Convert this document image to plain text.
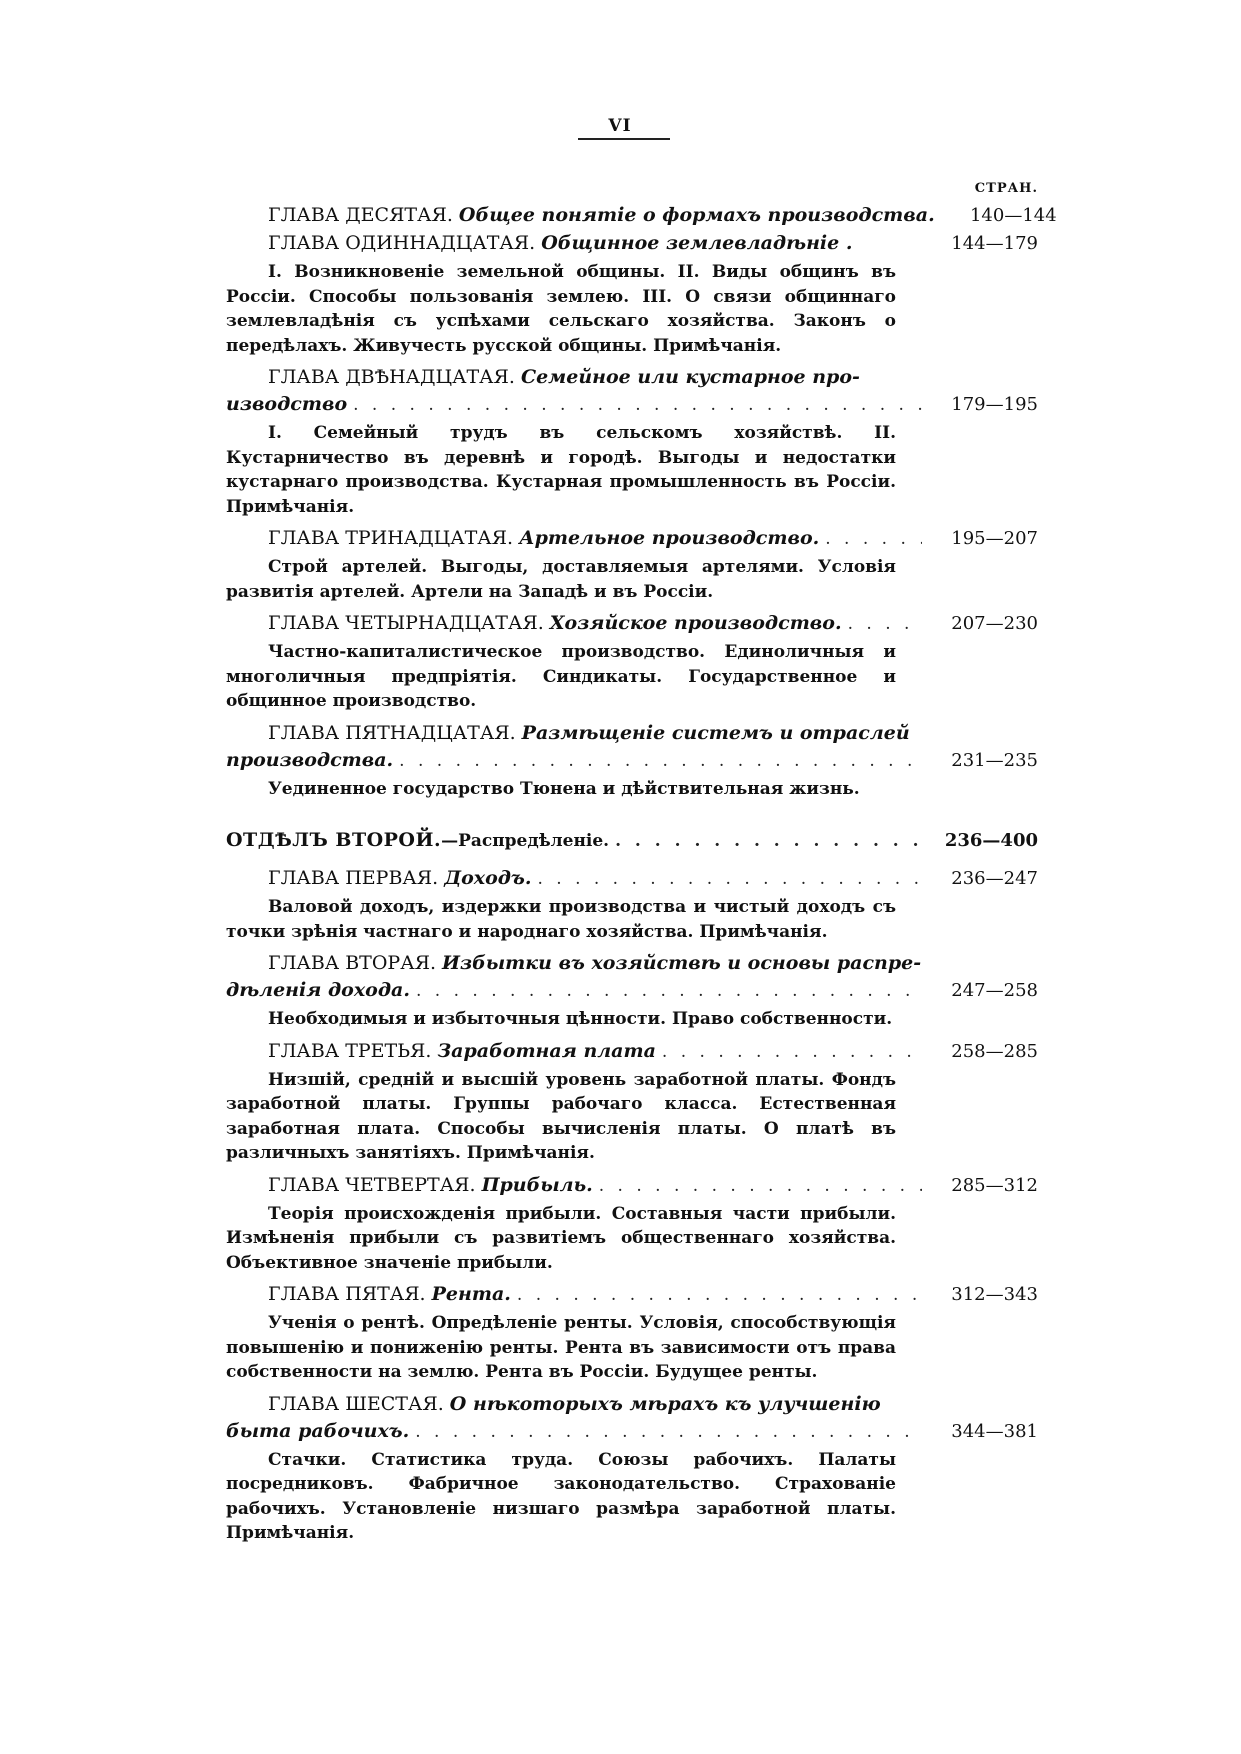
VI
СТРАН.
ГЛАВА ДЕСЯТАЯ. Общее понятіе о формахъ производства.	140—144
ГЛАВА ОДИННАДЦАТАЯ. Общинное землевладѣніе .	144—179
I. Возникновеніе земельной общины. II. Виды общинъ въ Россіи. Способы пользованія землею. III. О связи общиннаго землевладѣнія съ успѣхами сельскаго хозяйства. Законъ о передѣлахъ. Живучесть русской общины. Примѣчанія.
ГЛАВА ДВѢНАДЦАТАЯ. Семейное или кустарное про-
изводство . . .	179—195
I. Семейный трудъ въ сельскомъ хозяйствѣ. II. Кустарничество въ деревнѣ и городѣ. Выгоды и недостатки кустарнаго производства. Кустарная промышленность въ Россіи. Примѣчанія.
ГЛАВА ТРИНАДЦАТАЯ. Артельное производство. . . .	195—207
Строй артелей. Выгоды, доставляемыя артелями. Условія развитія артелей. Артели на Западѣ и въ Россіи.
ГЛАВА ЧЕТЫРНАДЦАТАЯ. Хозяйское производство. . . .	207—230
Частно-капиталистическое производство. Единоличныя и многоличныя предпріятія. Синдикаты. Государственное и общинное производство.
ГЛАВА ПЯТНАДЦАТАЯ. Размѣщеніе системъ и отраслей
производства. . . .	231—235
Уединенное государство Тюнена и дѣйствительная жизнь.
ОТДѢЛЪ ВТОРОЙ.—Распредѣленіе. . . .	236—400
ГЛАВА ПЕРВАЯ. Доходъ. . . .	236—247
Валовой доходъ, издержки производства и чистый доходъ съ точки зрѣнія частнаго и народнаго хозяйства. Примѣчанія.
ГЛАВА ВТОРАЯ. Избытки въ хозяйствѣ и основы распре-
дѣленія дохода. . . .	247—258
Необходимыя и избыточныя цѣнности. Право собственности.
ГЛАВА ТРЕТЬЯ. Заработная плата . . .	258—285
Низшій, средній и высшій уровень заработной платы. Фондъ заработной платы. Группы рабочаго класса. Естественная заработная плата. Способы вычисленія платы. О платѣ въ различныхъ занятіяхъ. Примѣчанія.
ГЛАВА ЧЕТВЕРТАЯ. Прибыль. . . .	285—312
Теорія происхожденія прибыли. Составныя части прибыли. Измѣненія прибыли съ развитіемъ общественнаго хозяйства. Объективное значеніе прибыли.
ГЛАВА ПЯТАЯ. Рента. . . .	312—343
Ученія о рентѣ. Опредѣленіе ренты. Условія, способствующія повышенію и пониженію ренты. Рента въ зависимости отъ права собственности на землю. Рента въ Россіи. Будущее ренты.
ГЛАВА ШЕСТАЯ. О нѣкоторыхъ мѣрахъ къ улучшенію
быта рабочихъ. . . .	344—381
Стачки. Статистика труда. Союзы рабочихъ. Палаты посредниковъ. Фабричное законодательство. Страхованіе рабочихъ. Установленіе низшаго размѣра заработной платы. Примѣчанія.
